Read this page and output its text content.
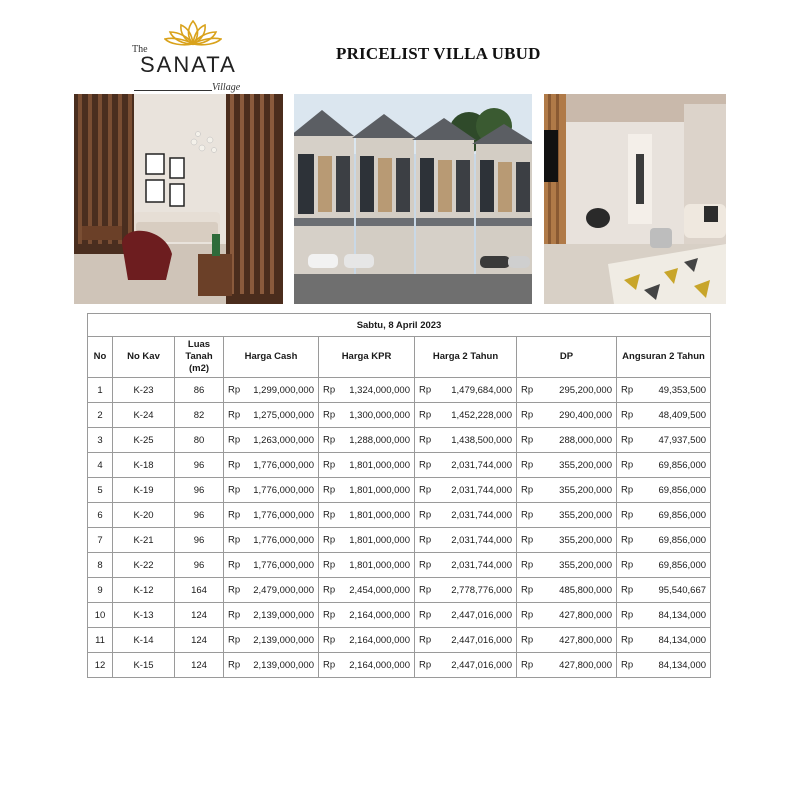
The
SANATA
Village
PRICELIST VILLA UBUD
Sabtu, 8 April 2023							
No	No Kav	Luas Tanah (m2)	Harga Cash	Harga KPR	Harga 2 Tahun	DP	Angsuran 2 Tahun
1	K-23	86	Rp 1,299,000,000	Rp 1,324,000,000	Rp 1,479,684,000	Rp 295,200,000	Rp 49,353,500
2	K-24	82	Rp 1,275,000,000	Rp 1,300,000,000	Rp 1,452,228,000	Rp 290,400,000	Rp 48,409,500
3	K-25	80	Rp 1,263,000,000	Rp 1,288,000,000	Rp 1,438,500,000	Rp 288,000,000	Rp 47,937,500
4	K-18	96	Rp 1,776,000,000	Rp 1,801,000,000	Rp 2,031,744,000	Rp 355,200,000	Rp 69,856,000
5	K-19	96	Rp 1,776,000,000	Rp 1,801,000,000	Rp 2,031,744,000	Rp 355,200,000	Rp 69,856,000
6	K-20	96	Rp 1,776,000,000	Rp 1,801,000,000	Rp 2,031,744,000	Rp 355,200,000	Rp 69,856,000
7	K-21	96	Rp 1,776,000,000	Rp 1,801,000,000	Rp 2,031,744,000	Rp 355,200,000	Rp 69,856,000
8	K-22	96	Rp 1,776,000,000	Rp 1,801,000,000	Rp 2,031,744,000	Rp 355,200,000	Rp 69,856,000
9	K-12	164	Rp 2,479,000,000	Rp 2,454,000,000	Rp 2,778,776,000	Rp 485,800,000	Rp 95,540,667
10	K-13	124	Rp 2,139,000,000	Rp 2,164,000,000	Rp 2,447,016,000	Rp 427,800,000	Rp 84,134,000
11	K-14	124	Rp 2,139,000,000	Rp 2,164,000,000	Rp 2,447,016,000	Rp 427,800,000	Rp 84,134,000
12	K-15	124	Rp 2,139,000,000	Rp 2,164,000,000	Rp 2,447,016,000	Rp 427,800,000	Rp 84,134,000
